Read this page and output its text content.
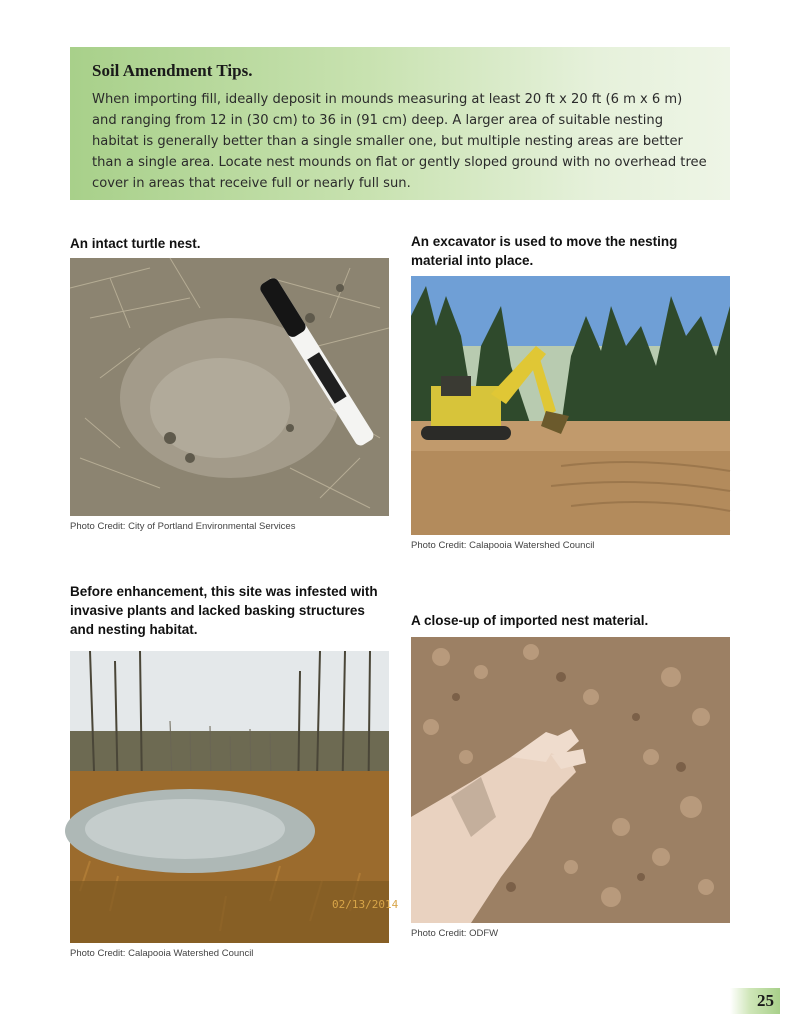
Soil Amendment Tips.

When importing fill, ideally deposit in mounds measuring at least 20 ft x 20 ft (6 m x 6 m) and ranging from 12 in (30 cm) to 36 in (91 cm) deep. A larger area of suitable nesting habitat is generally better than a single smaller one, but multiple nesting areas are better than a single area. Locate nest mounds on flat or gently sloped ground with no overhead tree cover in areas that receive full or nearly full sun.

An intact turtle nest.
Photo Credit: City of Portland Environmental Services
An excavator is used to move the nesting material into place.
Photo Credit: Calapooia Watershed Council
Before enhancement, this site was infested with invasive plants and lacked basking structures and nesting habitat.
02/13/2014
Photo Credit: Calapooia Watershed Council
A close-up of imported nest material.
Photo Credit: ODFW
25
